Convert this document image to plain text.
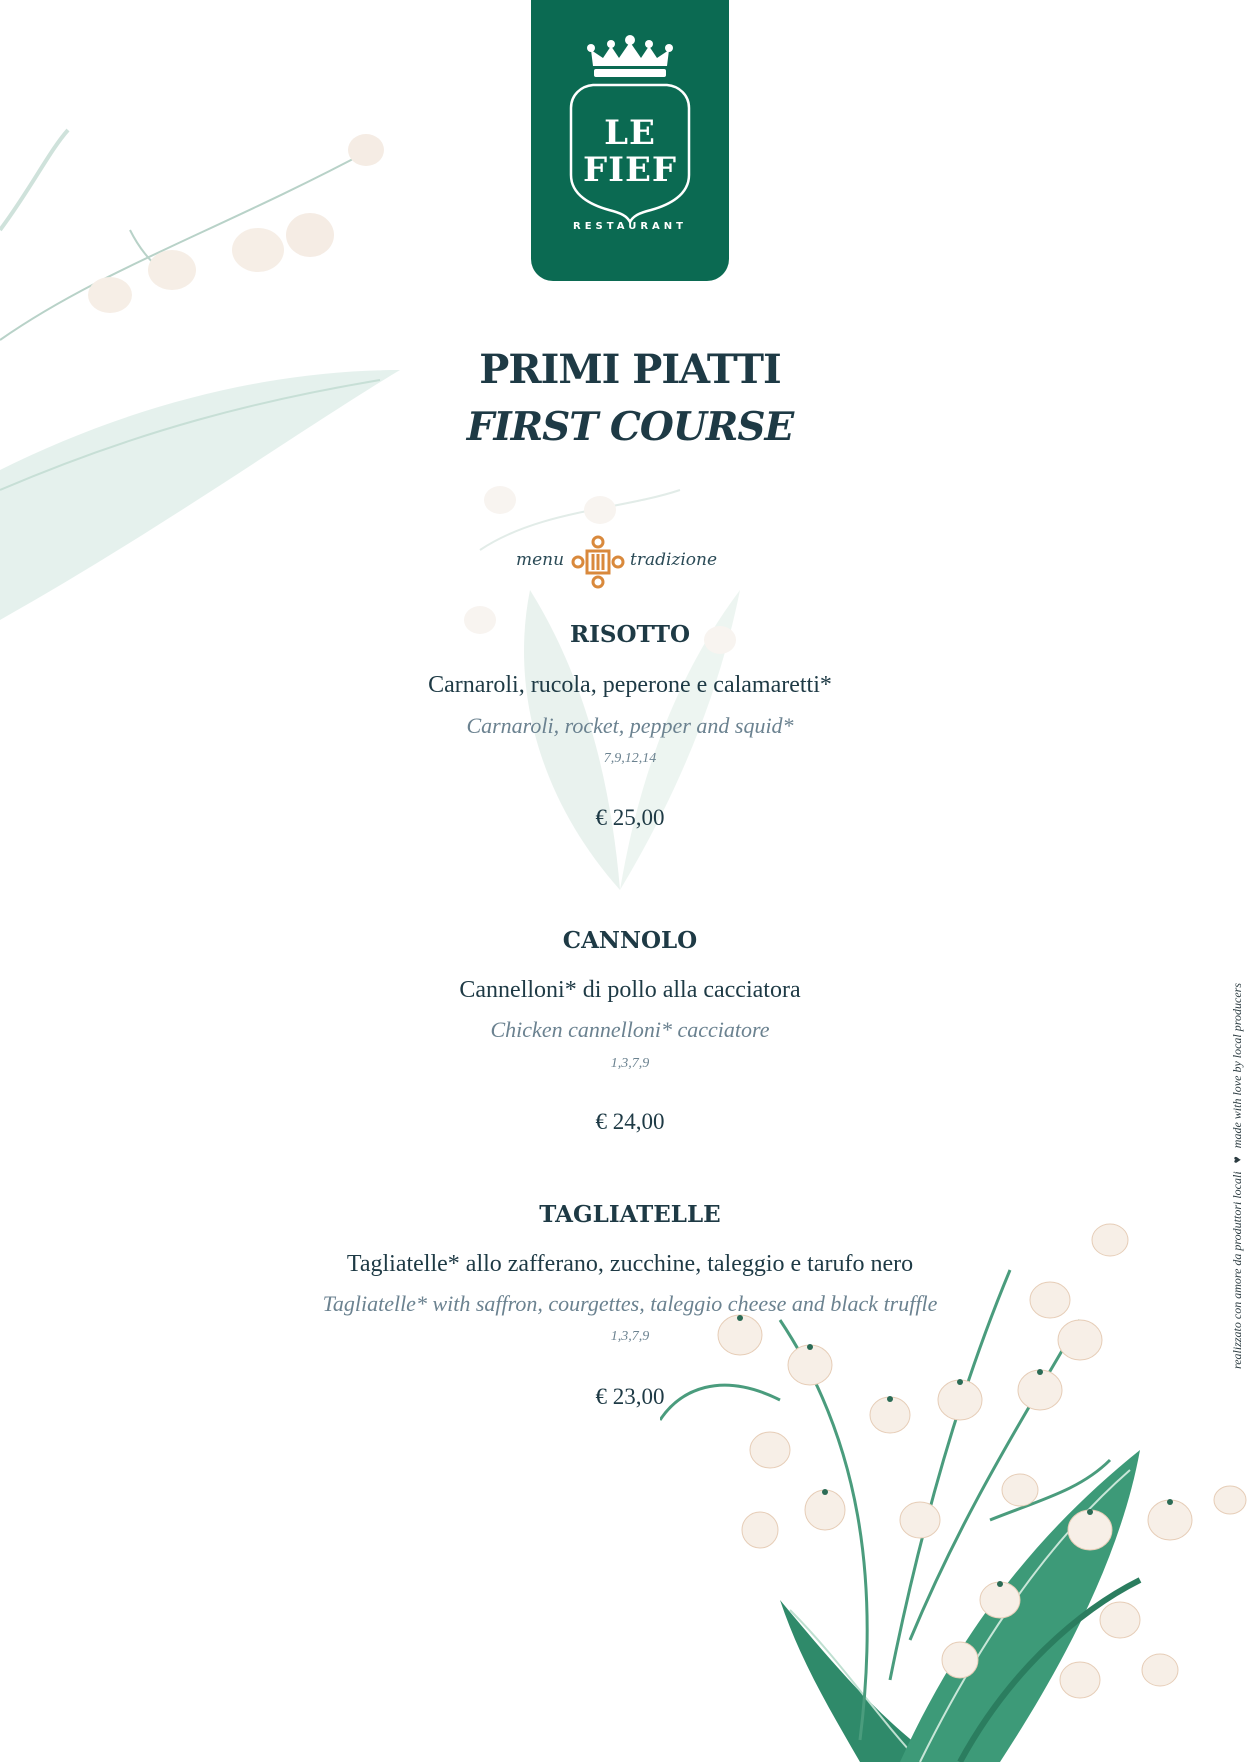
LE
FIEF
RESTAURANT
PRIMI PIATTI
FIRST COURSE
menu	tradizione
RISOTTO
Carnaroli, rucola, peperone e calamaretti*
Carnaroli, rocket, pepper and squid*
7,9,12,14
€ 25,00
CANNOLO
Cannelloni* di pollo alla cacciatora
Chicken cannelloni* cacciatore
1,3,7,9
€ 24,00
TAGLIATELLE
Tagliatelle* allo zafferano, zucchine, taleggio e tarufo nero
Tagliatelle* with saffron, courgettes, taleggio cheese and black truffle
1,3,7,9
€ 23,00
realizzato con amore da produttori locali♥made with love by local producers
